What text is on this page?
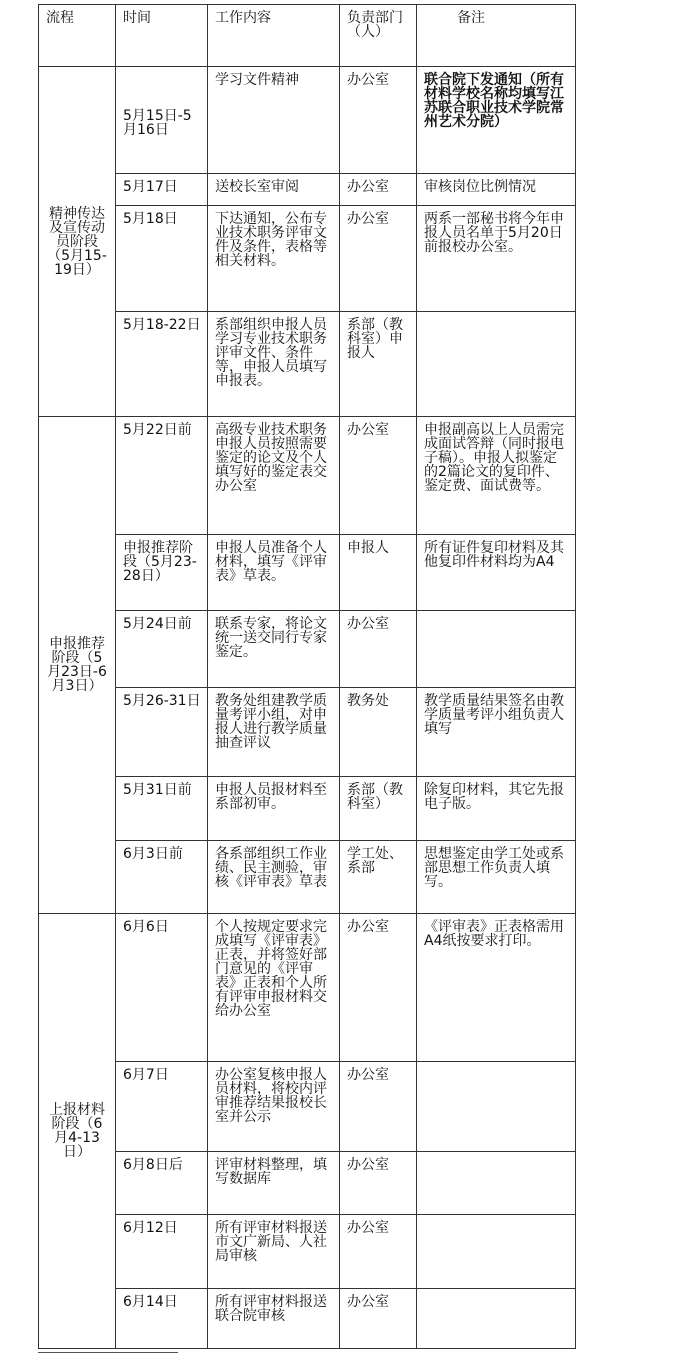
流程	时间	工作内容	负责部门（人）	备注
精神传达及宣传动员阶段（5月15-19日）	5月15日-5月16日	学习文件精神	办公室	联合院下发通知（所有材料学校名称均填写江苏联合职业技术学院常州艺术分院）
	5月17日	送校长室审阅	办公室	审核岗位比例情况
	5月18日	下达通知，公布专业技术职务评审文件及条件，表格等相关材料。	办公室	两系一部秘书将今年申报人员名单于5月20日前报校办公室。
	5月18-22日	系部组织申报人员学习专业技术职务评审文件、条件等，申报人员填写申报表。	系部（教科室）申报人	
申报推荐阶段（5月23日-6月3日）	5月22日前	高级专业技术职务申报人员按照需要鉴定的论文及个人填写好的鉴定表交办公室	办公室	申报副高以上人员需完成面试答辩（同时报电子稿）。申报人拟鉴定的2篇论文的复印件、鉴定费、面试费等。
	申报推荐阶段（5月23-28日）	申报人员准备个人材料，填写《评审表》草表。	申报人	所有证件复印材料及其他复印件材料均为A4
	5月24日前	联系专家，将论文统一送交同行专家鉴定。	办公室	
	5月26-31日	教务处组建教学质量考评小组，对申报人进行教学质量抽查评议	教务处	教学质量结果签名由教学质量考评小组负责人填写
	5月31日前	申报人员报材料至系部初审。	系部（教科室）	除复印材料，其它先报电子版。
	6月3日前	各系部组织工作业绩、民主测验，审核《评审表》草表	学工处、系部	思想鉴定由学工处或系部思想工作负责人填写。
上报材料阶段（6月4-13日）	6月6日	个人按规定要求完成填写《评审表》正表，并将签好部门意见的《评审表》正表和个人所有评审申报材料交给办公室	办公室	《评审表》正表格需用A4纸按要求打印。
	6月7日	办公室复核申报人员材料，将校内评审推荐结果报校长室并公示	办公室	
	6月8日后	评审材料整理，填写数据库	办公室	
	6月12日	所有评审材料报送市文广新局、人社局审核	办公室	
	6月14日	所有评审材料报送联合院审核	办公室	
